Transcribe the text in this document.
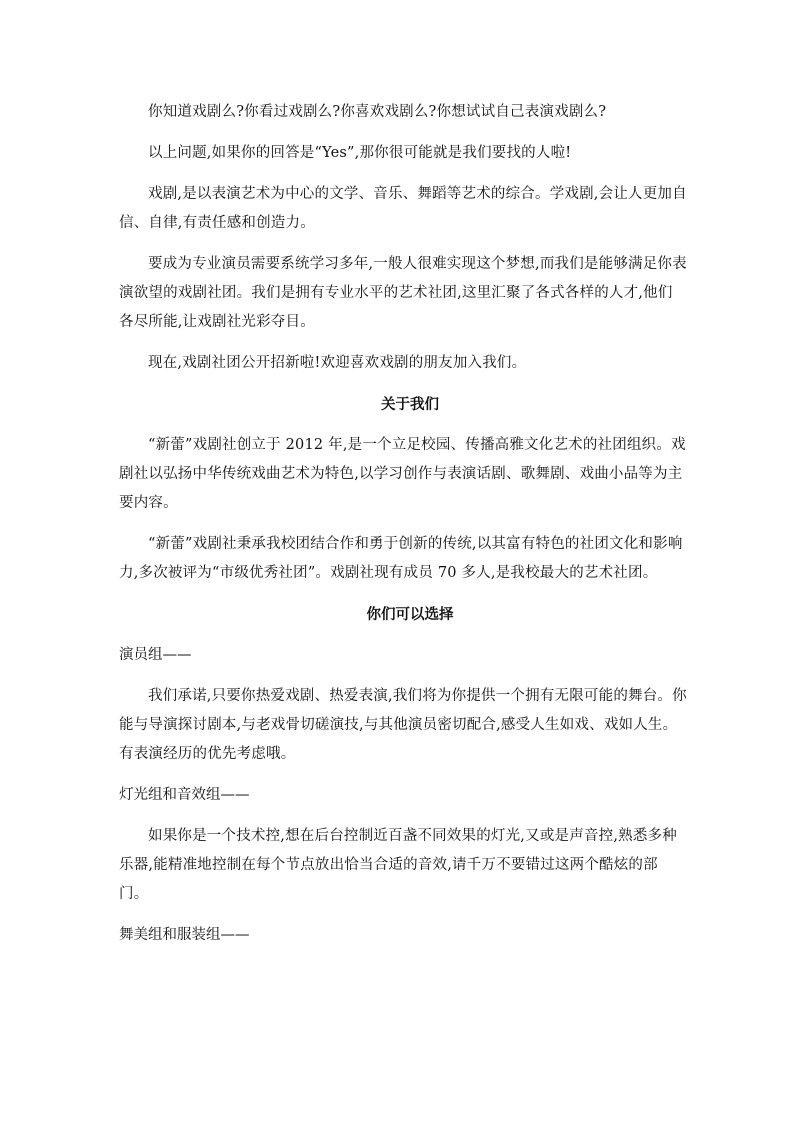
你知道戏剧么?你看过戏剧么?你喜欢戏剧么?你想试试自己表演戏剧么?

以上问题,如果你的回答是“Yes”,那你很可能就是我们要找的人啦!

戏剧,是以表演艺术为中心的文学、音乐、舞蹈等艺术的综合。学戏剧,会让人更加自信、自律,有责任感和创造力。

要成为专业演员需要系统学习多年,一般人很难实现这个梦想,而我们是能够满足你表演欲望的戏剧社团。我们是拥有专业水平的艺术社团,这里汇聚了各式各样的人才,他们各尽所能,让戏剧社光彩夺目。

现在,戏剧社团公开招新啦!欢迎喜欢戏剧的朋友加入我们。

关于我们

“新蕾”戏剧社创立于 2012 年,是一个立足校园、传播高雅文化艺术的社团组织。戏剧社以弘扬中华传统戏曲艺术为特色,以学习创作与表演话剧、歌舞剧、戏曲小品等为主要内容。

“新蕾”戏剧社秉承我校团结合作和勇于创新的传统,以其富有特色的社团文化和影响力,多次被评为“市级优秀社团”。戏剧社现有成员 70 多人,是我校最大的艺术社团。

你们可以选择

演员组——

我们承诺,只要你热爱戏剧、热爱表演,我们将为你提供一个拥有无限可能的舞台。你能与导演探讨剧本,与老戏骨切磋演技,与其他演员密切配合,感受人生如戏、戏如人生。有表演经历的优先考虑哦。

灯光组和音效组——

如果你是一个技术控,想在后台控制近百盏不同效果的灯光,又或是声音控,熟悉多种乐器,能精准地控制在每个节点放出恰当合适的音效,请千万不要错过这两个酷炫的部门。

舞美组和服装组——
